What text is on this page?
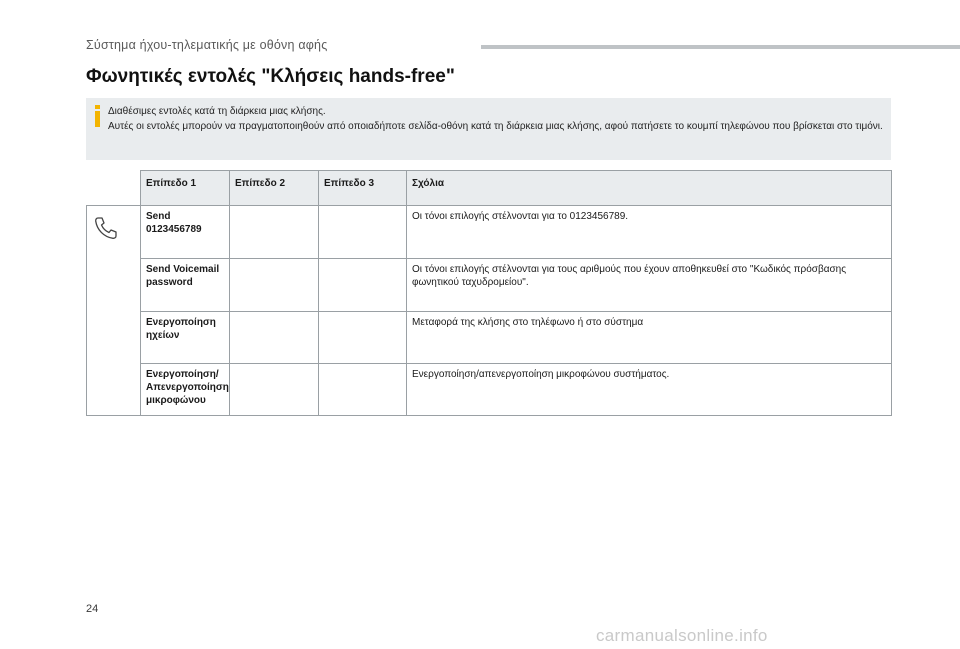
Σύστημα ήχου-τηλεματικής με οθόνη αφής
Φωνητικές εντολές "Κλήσεις hands-free"
Διαθέσιμες εντολές κατά τη διάρκεια μιας κλήσης.
Αυτές οι εντολές μπορούν να πραγματοποιηθούν από οποιαδήποτε σελίδα-οθόνη κατά τη διάρκεια μιας κλήσης, αφού πατήσετε το κουμπί τηλεφώνου που βρίσκεται στο τιμόνι.
	Επίπεδο 1	Επίπεδο 2	Επίπεδο 3	Σχόλια
	Send 0123456789			Οι τόνοι επιλογής στέλνονται για το 0123456789.
	Send Voicemail password			Οι τόνοι επιλογής στέλνονται για τους αριθμούς που έχουν αποθηκευθεί στο "Κωδικός πρόσβασης φωνητικού ταχυδρομείου".
	Ενεργοποίηση ηχείων			Μεταφορά της κλήσης στο τηλέφωνο ή στο σύστημα
	Ενεργοποίηση/ Απενεργοποίηση μικροφώνου			Ενεργοποίηση/απενεργοποίηση μικροφώνου συστήματος.
24
carmanualsonline.info
